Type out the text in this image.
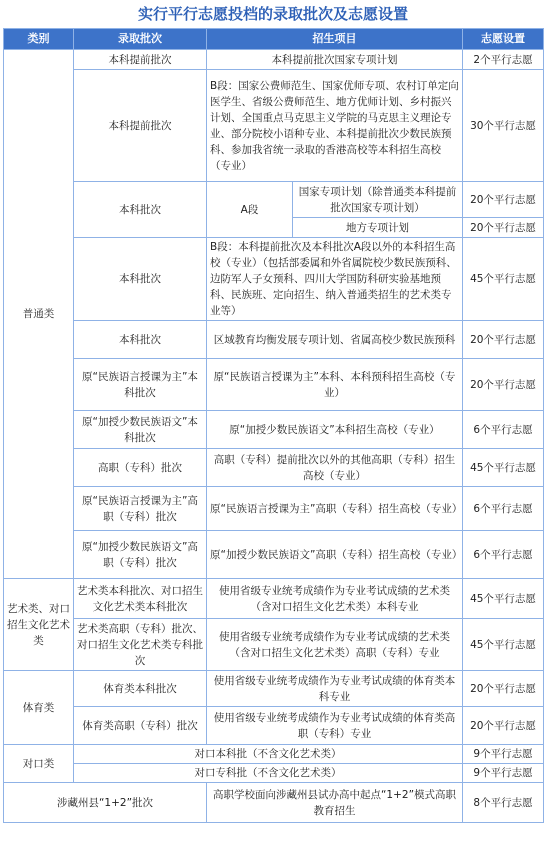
实行平行志愿投档的录取批次及志愿设置
类别	录取批次	招生项目		志愿设置
普通类	本科提前批次	本科提前批次国家专项计划		2个平行志愿
	本科提前批次	B段：国家公费师范生、国家优师专项、农村订单定向医学生、省级公费师范生、地方优师计划、乡村振兴计划、全国重点马克思主义学院的马克思主义理论专业、部分院校小语种专业、本科提前批次少数民族预科、参加我省统一录取的香港高校等本科招生高校（专业）		30个平行志愿
	本科批次	A段	国家专项计划（除普通类本科提前批次国家专项计划）	20个平行志愿
			地方专项计划	20个平行志愿
	本科批次	B段：本科提前批次及本科批次A段以外的本科招生高校（专业）（包括部委属和外省属院校少数民族预科、边防军人子女预科、四川大学国防科研实验基地预科、民族班、定向招生、纳入普通类招生的艺术类专业等）		45个平行志愿
	本科批次	区域教育均衡发展专项计划、省属高校少数民族预科		20个平行志愿
	原“民族语言授课为主”本科批次	原“民族语言授课为主”本科、本科预科招生高校（专业）		20个平行志愿
	原“加授少数民族语文”本科批次	原“加授少数民族语文”本科招生高校（专业）		6个平行志愿
	高职（专科）批次	高职（专科）提前批次以外的其他高职（专科）招生高校（专业）		45个平行志愿
	原“民族语言授课为主”高职（专科）批次	原“民族语言授课为主”高职（专科）招生高校（专业）		6个平行志愿
	原“加授少数民族语文”高职（专科）批次	原“加授少数民族语文”高职（专科）招生高校（专业）		6个平行志愿
艺术类、对口招生文化艺术类	艺术类本科批次、对口招生文化艺术类本科批次	使用省级专业统考成绩作为专业考试成绩的艺术类（含对口招生文化艺术类）本科专业		45个平行志愿
	艺术类高职（专科）批次、对口招生文化艺术类专科批次	使用省级专业统考成绩作为专业考试成绩的艺术类（含对口招生文化艺术类）高职（专科）专业		45个平行志愿
体育类	体育类本科批次	使用省级专业统考成绩作为专业考试成绩的体育类本科专业		20个平行志愿
	体育类高职（专科）批次	使用省级专业统考成绩作为专业考试成绩的体育类高职（专科）专业		20个平行志愿
对口类	对口本科批（不含文化艺术类）			9个平行志愿
	对口专科批（不含文化艺术类）			9个平行志愿
涉藏州县“1+2”批次		高职学校面向涉藏州县试办高中起点“1+2”模式高职教育招生		8个平行志愿
